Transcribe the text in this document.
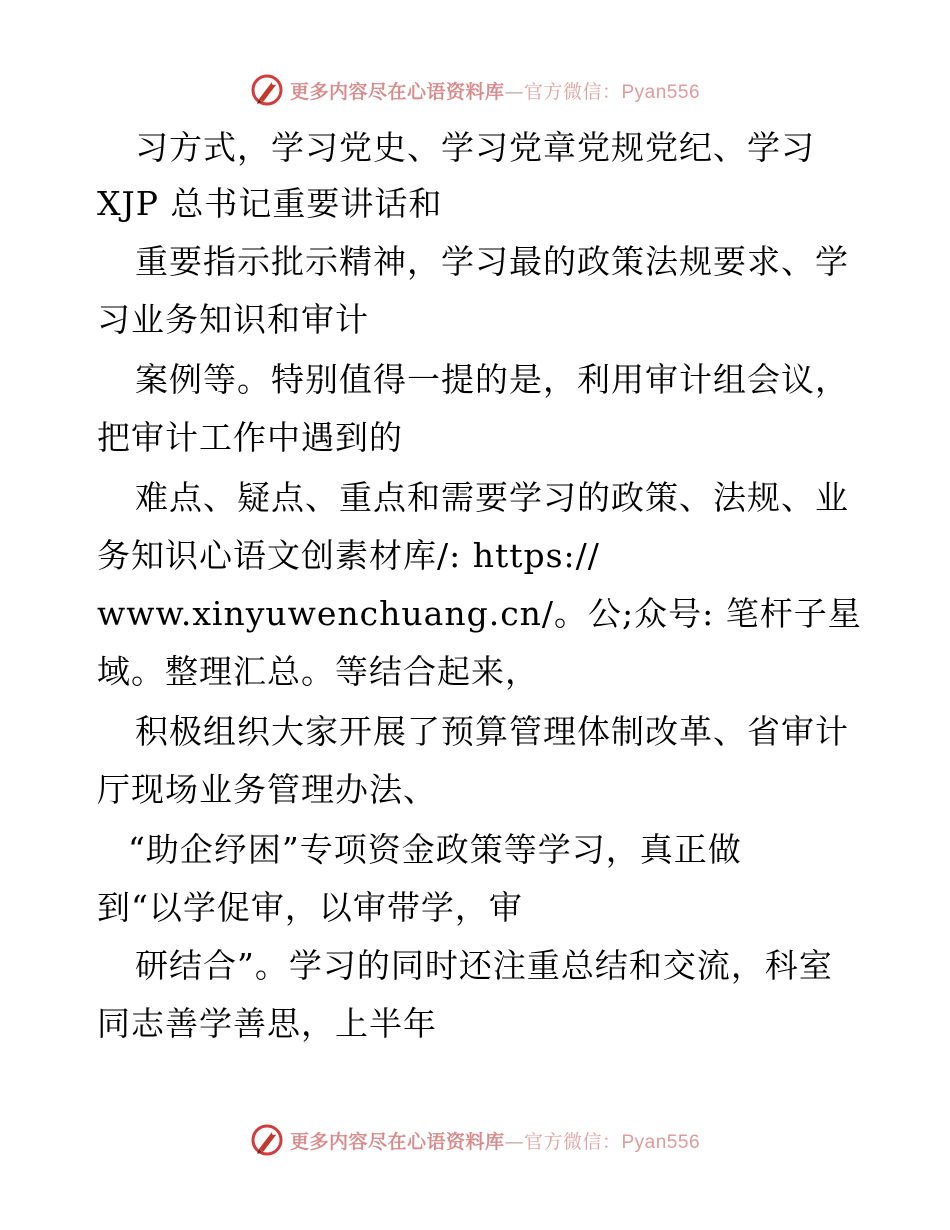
更多内容尽在心语资料库—官方微信：Pyan556
习方式，学习党史、学习党章党规党纪、学习
XJP 总书记重要讲话和
重要指示批示精神，学习最的政策法规要求、学
习业务知识和审计
案例等。特别值得一提的是，利用审计组会议，
把审计工作中遇到的
难点、疑点、重点和需要学习的政策、法规、业
务知识心语文创素材库/: https://
www.xinyuwenchuang.cn/。公;众号: 笔杆子星
域。整理汇总。等结合起来，
积极组织大家开展了预算管理体制改革、省审计
厅现场业务管理办法、
“助企纾困”专项资金政策等学习，真正做
到“以学促审，以审带学，审
研结合”。学习的同时还注重总结和交流，科室
同志善学善思，上半年
更多内容尽在心语资料库—官方微信：Pyan556
